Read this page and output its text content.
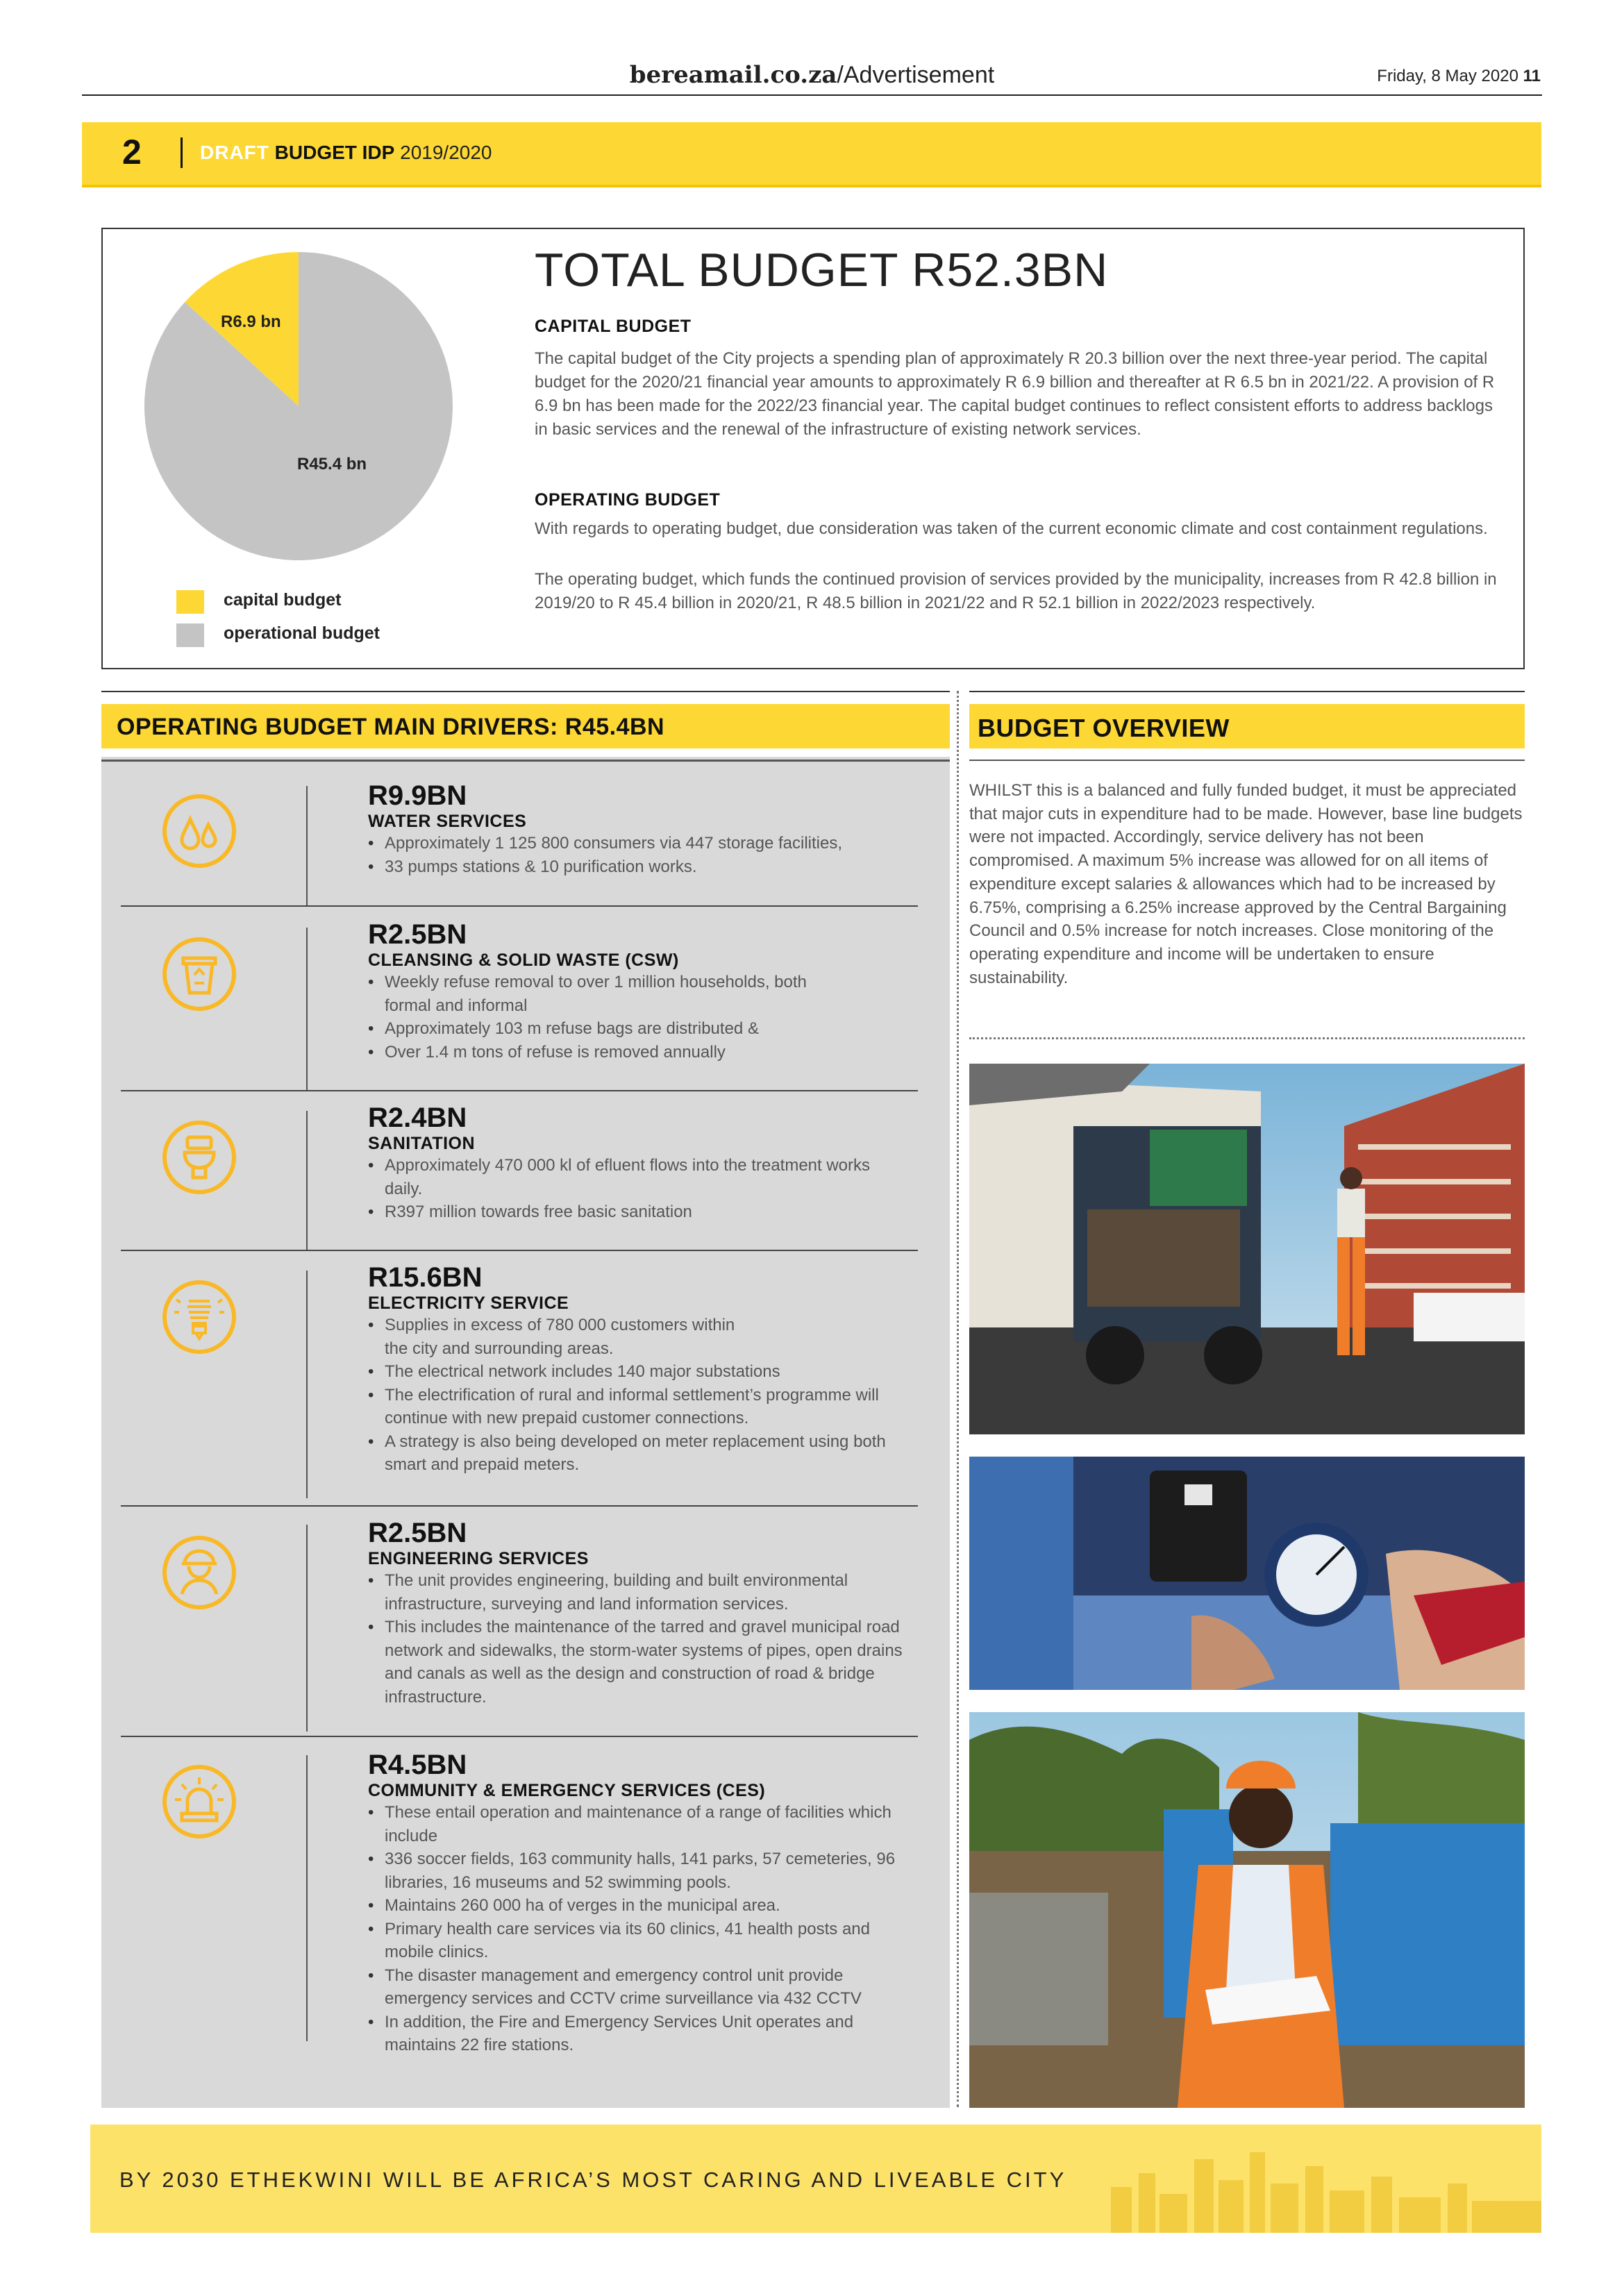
bereamail.co.za/Advertisement	Friday, 8 May 2020 11
2	DRAFT BUDGET IDP 2019/2020
R6.9 bn
R45.4 bn
capital budget
operational budget
TOTAL BUDGET R52.3BN
CAPITAL BUDGET
The capital budget of the City projects a spending plan of approximately R 20.3 billion over the next three-year period. The capital budget for the 2020/21 financial year amounts to approximately R 6.9 billion and thereafter at R 6.5 bn in 2021/22. A provision of R 6.9 bn has been made for the 2022/23 financial year. The capital budget continues to reflect consistent efforts to address backlogs in basic services and the renewal of the infrastructure of existing network services.
OPERATING BUDGET
With regards to operating budget, due consideration was taken of the current economic climate and cost containment regulations.
The operating budget, which funds the continued provision of services provided by the municipality, increases from R 42.8 billion in 2019/20 to R 45.4 billion in 2020/21, R 48.5 billion in 2021/22 and R 52.1 billion in 2022/2023 respectively.
OPERATING BUDGET MAIN DRIVERS: R45.4BN
R9.9BN
WATER SERVICES
• Approximately 1 125 800 consumers via 447 storage facilities,
• 33 pumps stations & 10 purification works.
R2.5BN
CLEANSING & SOLID WASTE (CSW)
• Weekly refuse removal to over 1 million households, both formal and informal
• Approximately 103 m refuse bags are distributed &
• Over 1.4 m tons of refuse is removed annually
R2.4BN
SANITATION
• Approximately 470 000 kl of efluent flows into the treatment works daily.
• R397 million towards free basic sanitation
R15.6BN
ELECTRICITY SERVICE
• Supplies in excess of 780 000 customers within the city and surrounding areas.
• The electrical network includes 140 major substations
• The electrification of rural and informal settlement’s programme will continue with new prepaid customer connections.
• A strategy is also being developed on meter replacement using both smart and prepaid meters.
R2.5BN
ENGINEERING SERVICES
• The unit provides engineering, building and built environmental infrastructure, surveying and land information services.
• This includes the maintenance of the tarred and gravel municipal road network and sidewalks, the storm-water systems of pipes, open drains and canals as well as the design and construction of road & bridge infrastructure.
R4.5BN
COMMUNITY & EMERGENCY SERVICES (CES)
• These entail operation and maintenance of a range of facilities which include
• 336 soccer fields, 163 community halls, 141 parks, 57 cemeteries, 96 libraries, 16 museums and 52 swimming pools.
• Maintains 260 000 ha of verges in the municipal area.
• Primary health care services via its 60 clinics, 41 health posts and mobile clinics.
• The disaster management and emergency control unit provide emergency services and CCTV crime surveillance via 432 CCTV
• In addition, the Fire and Emergency Services Unit operates and maintains 22 fire stations.
BUDGET OVERVIEW
WHILST this is a balanced and fully funded budget, it must be appreciated that major cuts in expenditure had to be made. However, base line budgets were not impacted. Accordingly, service delivery has not been compromised. A maximum 5% increase was allowed for on all items of expenditure except salaries & allowances which had to be increased by 6.75%, comprising a 6.25% increase approved by the Central Bargaining Council and 0.5% increase for notch increases. Close monitoring of the operating expenditure and income will be undertaken to ensure sustainability.
BY 2030 ETHEKWINI WILL BE AFRICA’S MOST CARING AND LIVEABLE CITY
